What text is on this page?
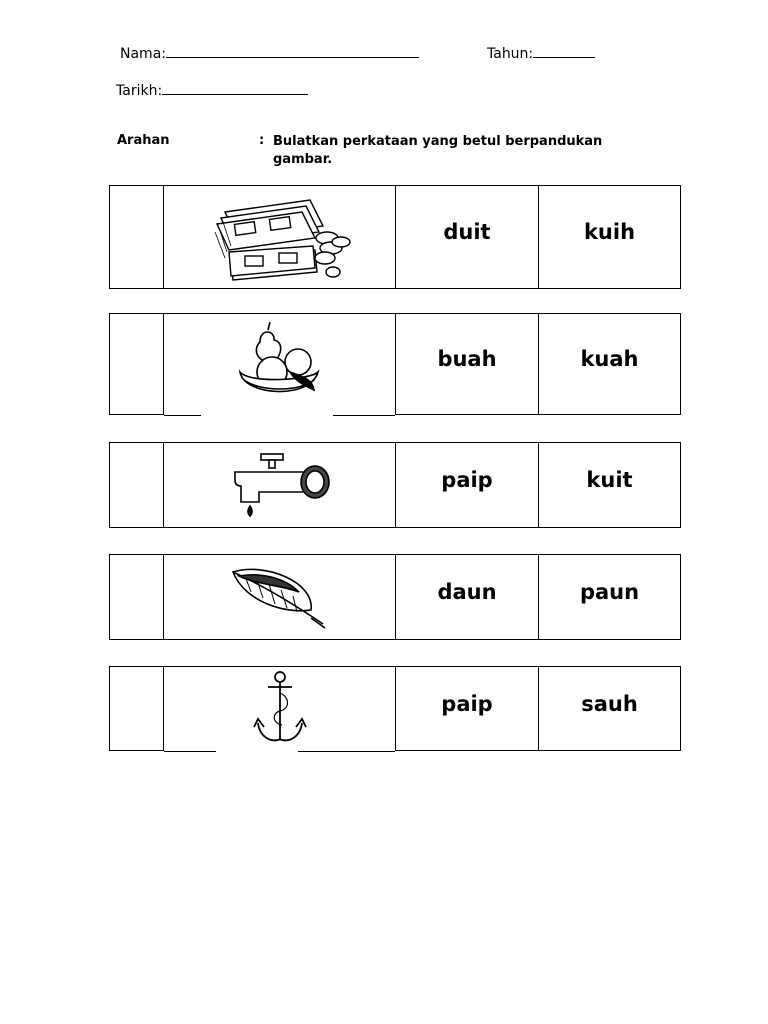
Nama:	Tahun:
Tarikh:
Arahan	: Bulatkan perkataan yang betul berpandukan gambar.
duit	kuih
buah	kuah
paip	kuit
daun	paun
paip	sauh
